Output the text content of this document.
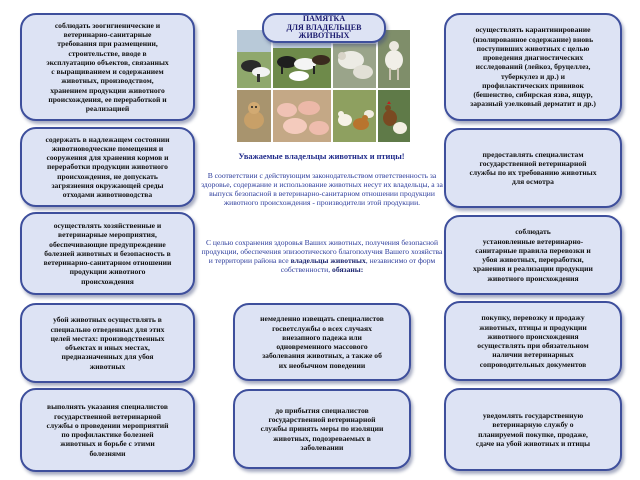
соблюдать зоогигиенические и
ветеринарно-санитарные
требования при размещении,
строительстве, вводе в
эксплуатацию объектов, связанных
с выращиванием и содержанием
животных, производством,
хранением продукции животного
происхождения, ее переработкой и
реализацией
содержать в надлежащем состоянии
животноводческие помещения и
сооружения для хранения кормов и
переработки продукции животного
происхождения, не допускать
загрязнения окружающей среды
отходами животноводства
осуществлять хозяйственные и
ветеринарные мероприятия,
обеспечивающие предупреждение
болезней животных и безопасность в
ветеринарно-санитарном отношении
продукции животного
происхождения
убой животных осуществлять в
специально отведенных для этих
целей местах: производственных
объектах и иных местах,
предназначенных для убоя
животных
выполнять указания специалистов
государственной ветеринарной
службы о проведении мероприятий
по профилактике болезней
животных и борьбе с этими
болезнями
осуществлять карантинирование
(изолированное содержание) вновь
поступивших животных с целью
проведения диагностических
исследований (лейкоз, бруцеллез,
туберкулез и др.) и
профилактических прививок
(бешенство, сибирская язва, ящур,
заразный узелковый дерматит и др.)
предоставлять специалистам
государственной ветеринарной
службы по их требованию животных
для осмотра
соблюдать
установленные ветеринарно-
санитарные правила перевозки и
убоя животных, переработки,
хранения и реализации продукции
животного происхождения
покупку, перевозку и продажу
животных, птицы и продукции
животного происхождения
осуществлять при обязательном
наличии ветеринарных
сопроводительных документов
уведомлять государственную
ветеринарную службу о
планируемой покупке, продаже,
сдаче на убой животных и птицы
немедленно извещать специалистов
госветслужбы о всех случаях
внезапного падежа или
одновременного массового
заболевания животных, а также об
их необычном поведении
до прибытия специалистов
государственной ветеринарной
службы принять меры по изоляции
животных, подозреваемых в
заболевании
ПАМЯТКА
ДЛЯ ВЛАДЕЛЬЦЕВ
ЖИВОТНЫХ
Уважаемые владельцы животных и птицы!
В соответствии с действующим законодательством ответственность за здоровье, содержание и использование животных несут их владельцы, а за выпуск безопасной в ветеринарно-санитарном отношении продукции животного происхождения - производители этой продукции.
С целью сохранения здоровья Ваших животных, получения безопасной продукции, обеспечения эпизоотического благополучия Вашего хозяйства и территории района все владельцы животных, независимо от форм собственности, обязаны:
